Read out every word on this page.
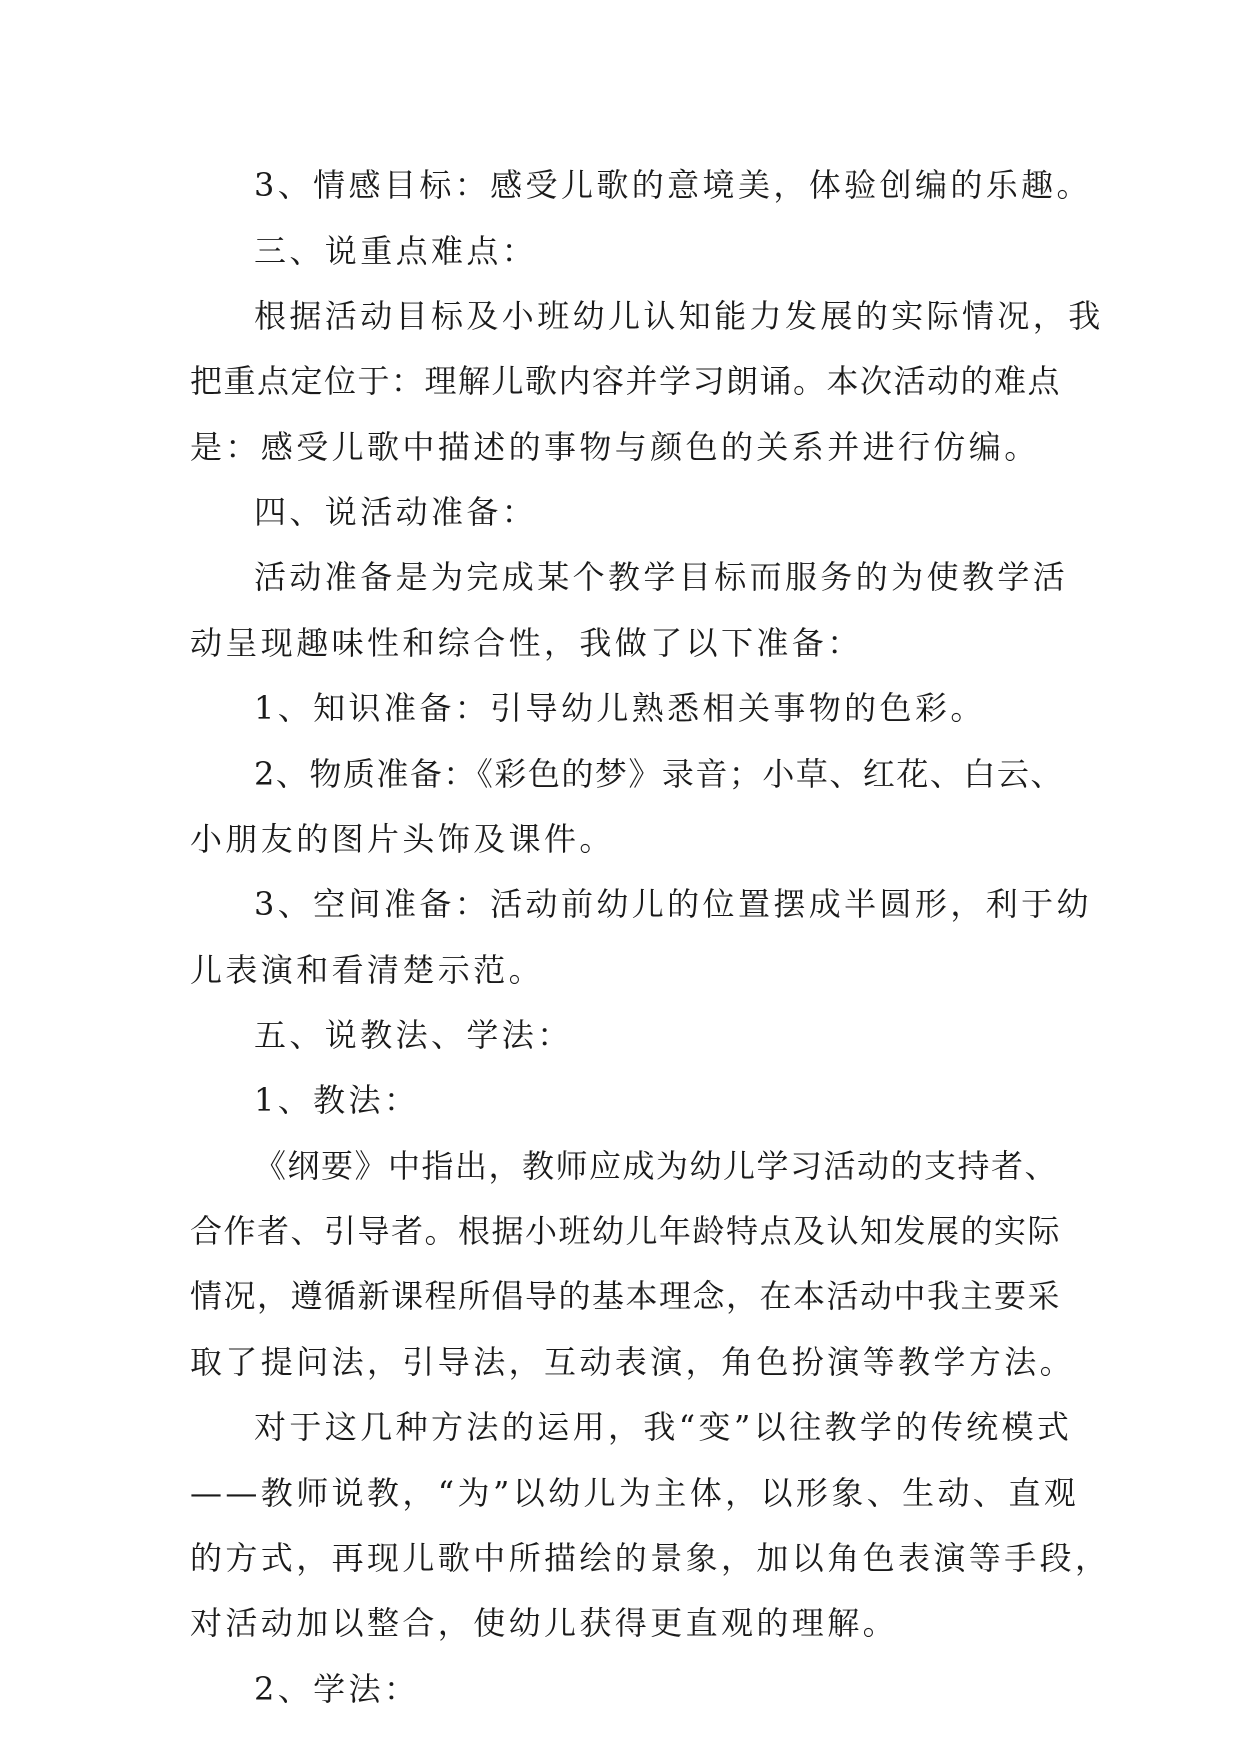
3、情感目标：感受儿歌的意境美，体验创编的乐趣。
三、说重点难点：
根据活动目标及小班幼儿认知能力发展的实际情况，我
把重点定位于：理解儿歌内容并学习朗诵。本次活动的难点
是：感受儿歌中描述的事物与颜色的关系并进行仿编。
四、说活动准备：
活动准备是为完成某个教学目标而服务的为使教学活
动呈现趣味性和综合性，我做了以下准备：
1、知识准备：引导幼儿熟悉相关事物的色彩。
2、物质准备：《彩色的梦》录音；小草、红花、白云、
小朋友的图片头饰及课件。
3、空间准备：活动前幼儿的位置摆成半圆形，利于幼
儿表演和看清楚示范。
五、说教法、学法：
1、教法：
《纲要》中指出，教师应成为幼儿学习活动的支持者、
合作者、引导者。根据小班幼儿年龄特点及认知发展的实际
情况，遵循新课程所倡导的基本理念，在本活动中我主要采
取了提问法，引导法，互动表演，角色扮演等教学方法。
对于这几种方法的运用，我“变”以往教学的传统模式
——教师说教，“为”以幼儿为主体，以形象、生动、直观
的方式，再现儿歌中所描绘的景象，加以角色表演等手段，
对活动加以整合，使幼儿获得更直观的理解。
2、学法：
